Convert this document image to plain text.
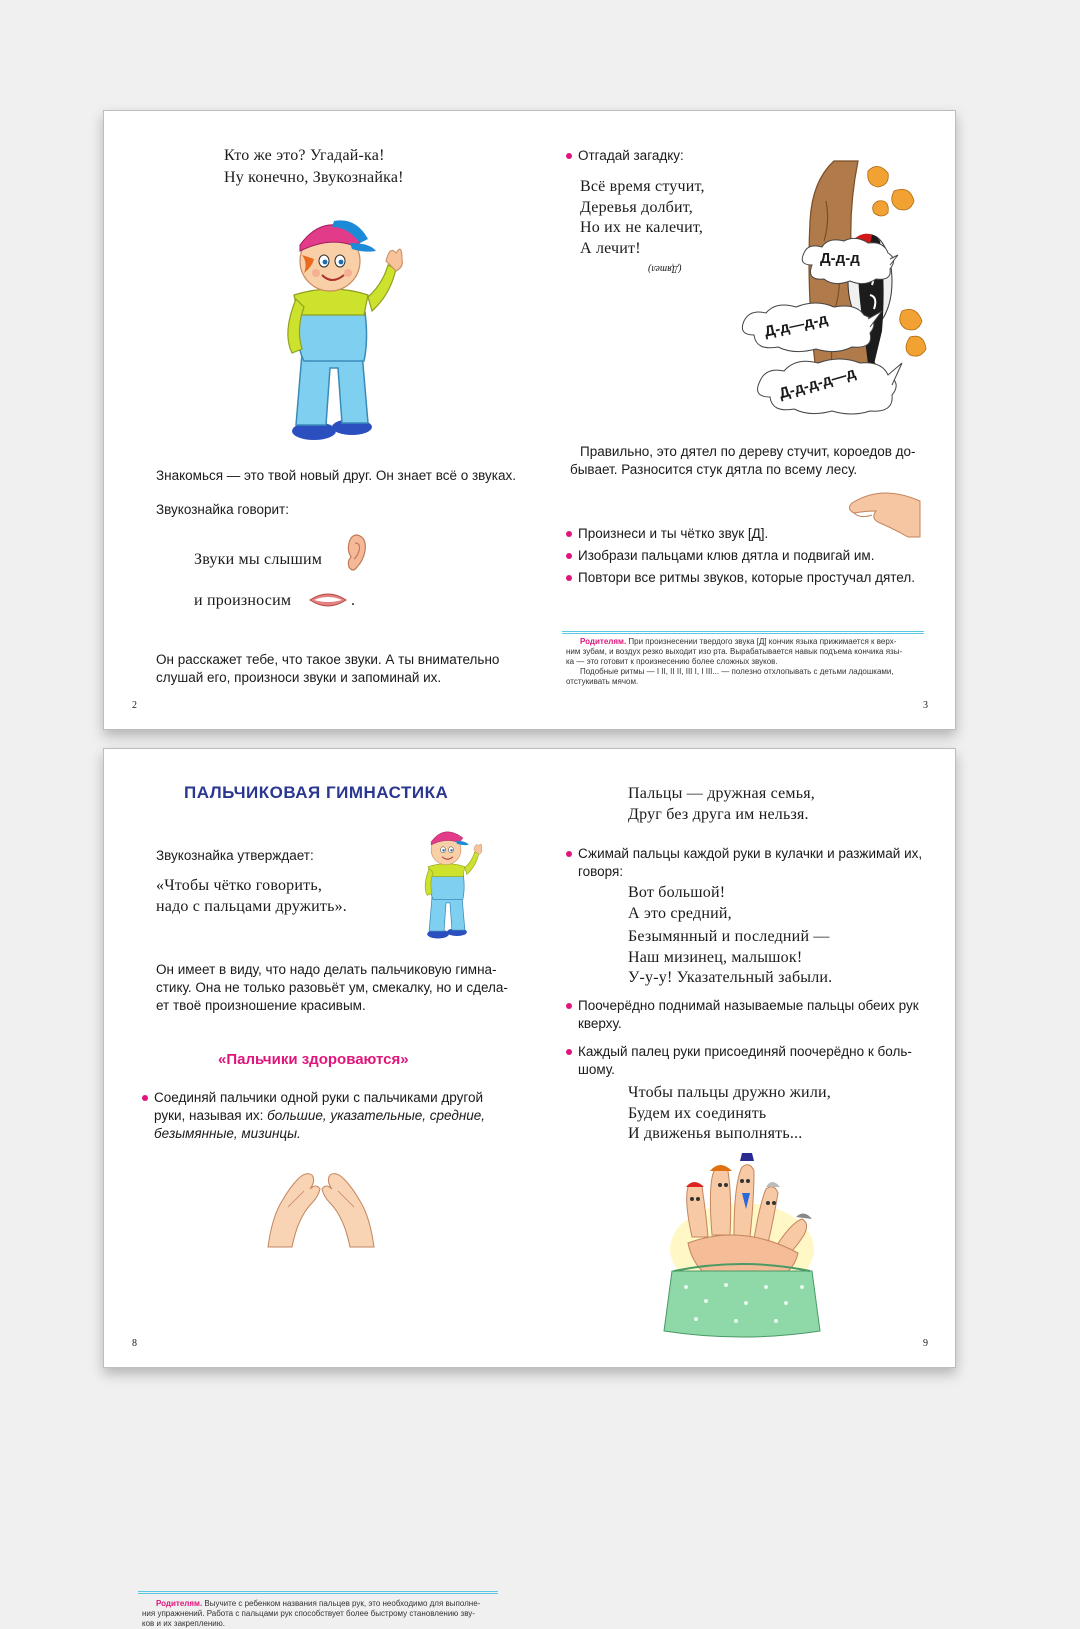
Кто же это? Угадай-ка!
Ну конечно, Звукознайка!
Знакомься — это твой новый друг. Он знает всё о звуках.
Звукознайка говорит:
Звуки мы слышим
и произносим	.
Он расскажет тебе, что такое звуки. А ты внимательно
слушай его, произноси звуки и запоминай их.
2
Отгадай загадку:
Всё время стучит,
Деревья долбит,
Но их не калечит,
А лечит!
(Дятел)
Д-д-д
Д-д—д-д
Д-д-д-д—д
Правильно, это дятел по дереву стучит, короедов до-
бывает. Разносится стук дятла по всему лесу.
Произнеси и ты чётко звук [Д].
Изобрази пальцами клюв дятла и подвигай им.
Повтори все ритмы звуков, которые простучал дятел.
Родителям. При произнесении твердого звука [Д] кончик языка прижимается к верх-
ним зубам, и воздух резко выходит изо рта. Вырабатывается навык подъема кончика язы-
ка — это готовит к произнесению более сложных звуков.
Подобные ритмы — I II, II II, III I, I III... — полезно отхлопывать с детьми ладошками,
отстукивать мячом.
3
ПАЛЬЧИКОВАЯ ГИМНАСТИКА
Звукознайка утверждает:
«Чтобы чётко говорить,
надо с пальцами дружить».
Он имеет в виду, что надо делать пальчиковую гимна-
стику. Она не только разовьёт ум, смекалку, но и сдела-
ет твоё произношение красивым.
«Пальчики здороваются»
Соединяй пальчики одной руки с пальчиками другой
руки, называя их: большие, указательные, средние,
безымянные, мизинцы.
Родителям. Выучите с ребенком названия пальцев рук, это необходимо для выполне-
ния упражнений. Работа с пальцами рук способствует более быстрому становлению зву-
ков и их закреплению.
8
Пальцы — дружная семья,
Друг без друга им нельзя.
Сжимай пальцы каждой руки в кулачки и разжимай их,
говоря:
Вот большой!
А это средний,
Безымянный и последний —
Наш мизинец, малышок!
У-у-у! Указательный забыли.
Поочерёдно поднимай называемые пальцы обеих рук
кверху.
Каждый палец руки присоединяй поочерёдно к боль-
шому.
Чтобы пальцы дружно жили,
Будем их соединять
И движенья выполнять...
9
